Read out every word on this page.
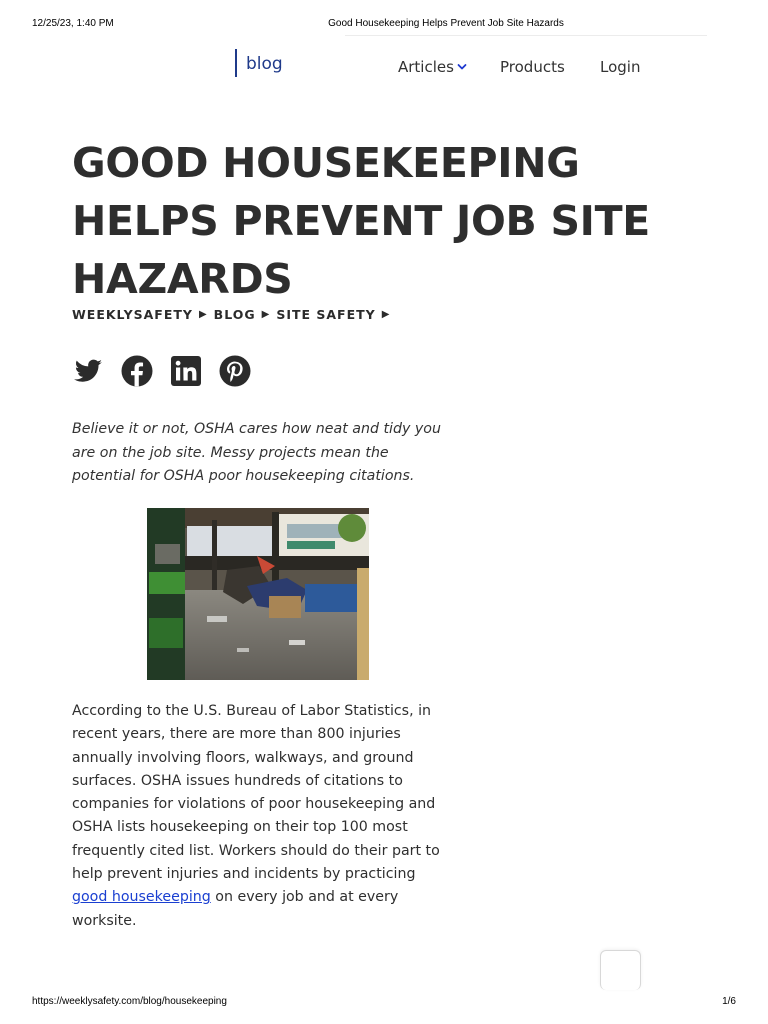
12/25/23, 1:40 PM	Good Housekeeping Helps Prevent Job Site Hazards
blog	Articles	Products Login
GOOD HOUSEKEEPING HELPS PREVENT JOB SITE HAZARDS
WEEKLYSAFETY ▶ BLOG ▶ SITE SAFETY ▶

Believe it or not, OSHA cares how neat and tidy you are on the job site. Messy projects mean the potential for OSHA poor housekeeping citations.

According to the U.S. Bureau of Labor Statistics, in recent years, there are more than 800 injuries annually involving floors, walkways, and ground surfaces. OSHA issues hundreds of citations to companies for violations of poor housekeeping and OSHA lists housekeeping on their top 100 most frequently cited list. Workers should do their part to help prevent injuries and incidents by practicing good housekeeping on every job and at every worksite.

https://weeklysafety.com/blog/housekeeping	1/6
